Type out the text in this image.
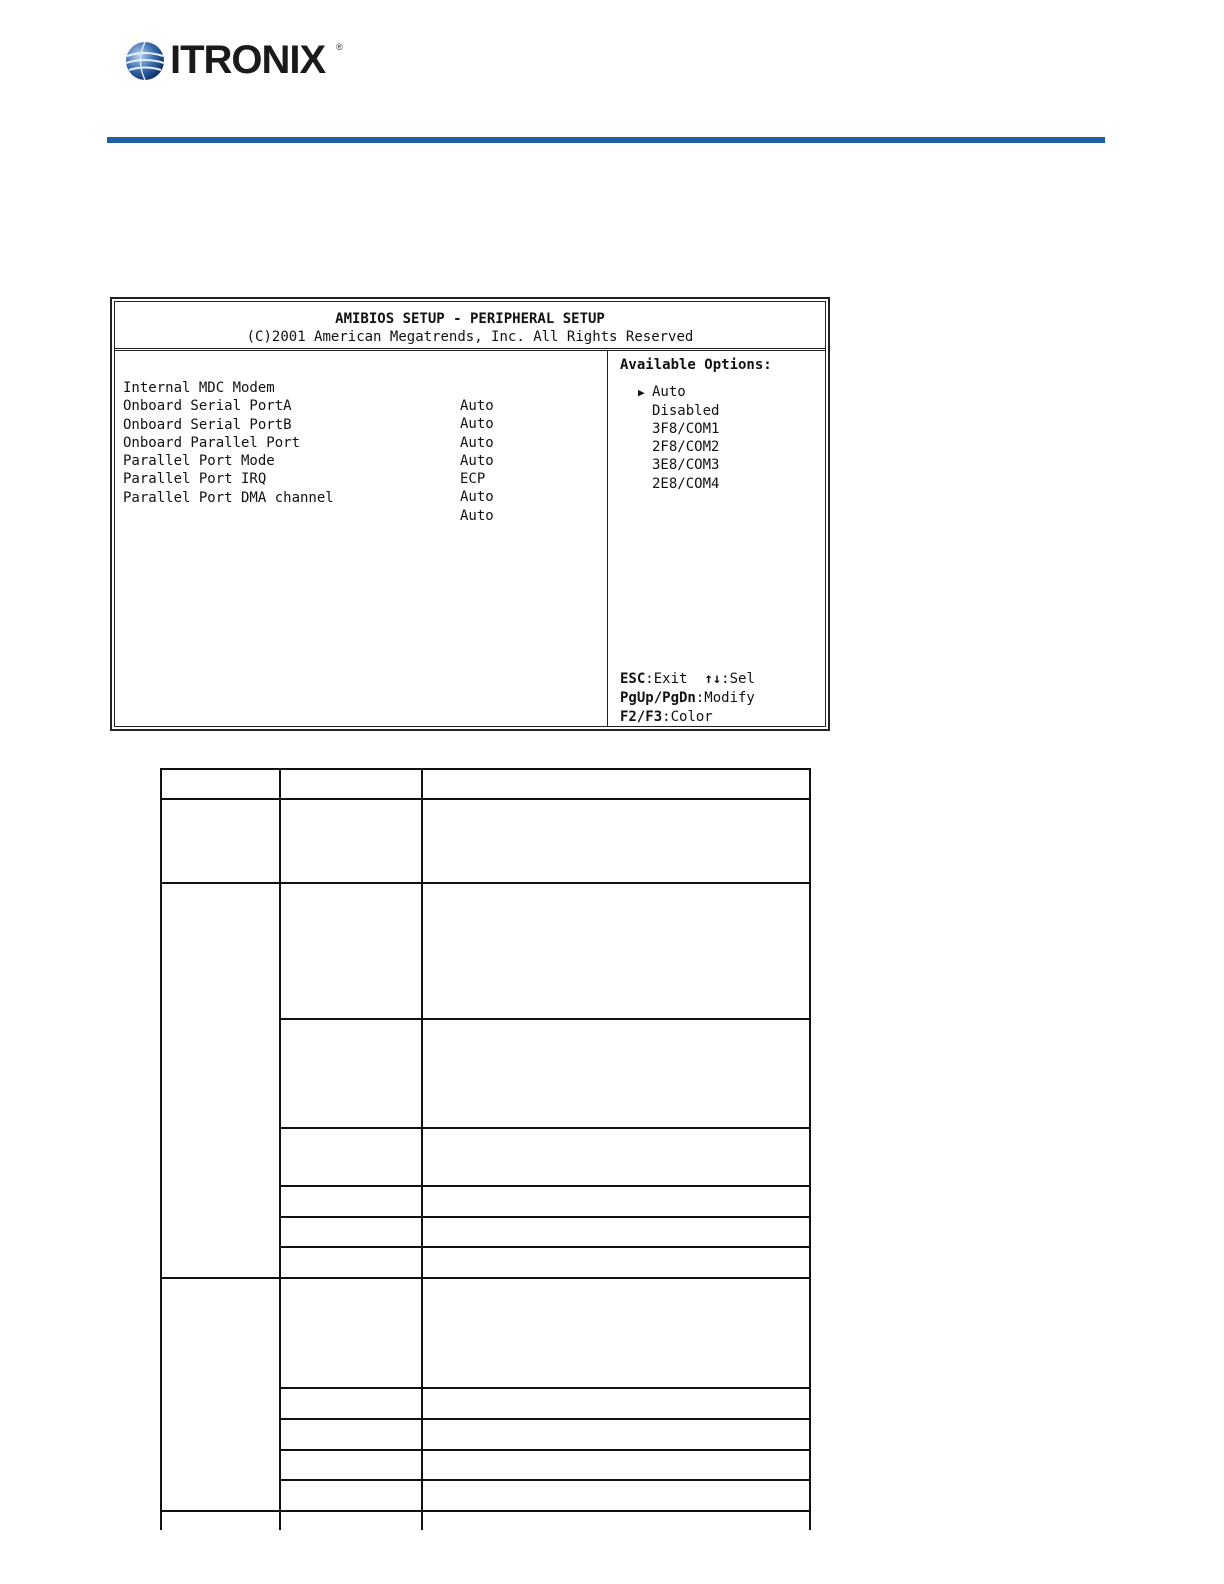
ITRONIX ®
AMIBIOS SETUP - PERIPHERAL SETUP
(C)2001 American Megatrends, Inc. All Rights Reserved

Internal MDC Modem

Auto

Onboard Serial PortA

Auto

Onboard Serial PortB

Auto

Onboard Parallel Port

Auto

Parallel Port Mode

ECP

Parallel Port IRQ

Auto

Parallel Port DMA channel

Auto

Available Options:
▶ Auto
Disabled
3F8/COM1
2F8/COM2
3E8/COM3
2E8/COM4
ESC:Exit  ↑↓:Sel
PgUp/PgDn:Modify
F2/F3:Color
